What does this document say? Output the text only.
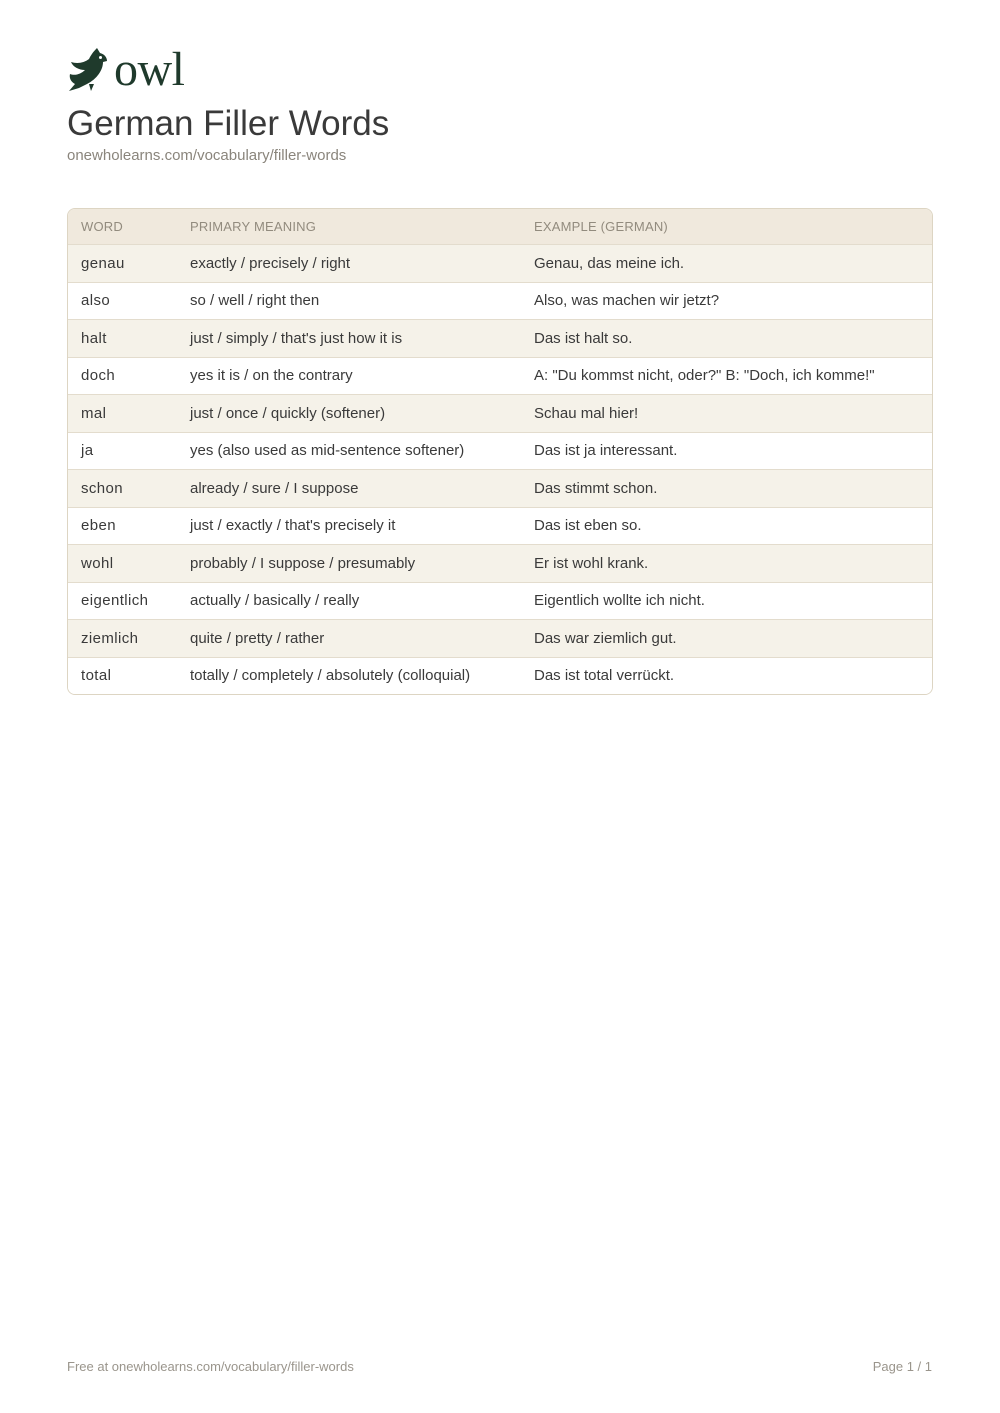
owl
German Filler Words
onewholearns.com/vocabulary/filler-words
WORD	PRIMARY MEANING	EXAMPLE (GERMAN)
genau	exactly / precisely / right	Genau, das meine ich.
also	so / well / right then	Also, was machen wir jetzt?
halt	just / simply / that's just how it is	Das ist halt so.
doch	yes it is / on the contrary	A: "Du kommst nicht, oder?" B: "Doch, ich komme!"
mal	just / once / quickly (softener)	Schau mal hier!
ja	yes (also used as mid-sentence softener)	Das ist ja interessant.
schon	already / sure / I suppose	Das stimmt schon.
eben	just / exactly / that's precisely it	Das ist eben so.
wohl	probably / I suppose / presumably	Er ist wohl krank.
eigentlich	actually / basically / really	Eigentlich wollte ich nicht.
ziemlich	quite / pretty / rather	Das war ziemlich gut.
total	totally / completely / absolutely (colloquial)	Das ist total verrückt.
Free at onewholearns.com/vocabulary/filler-words	Page 1 / 1
